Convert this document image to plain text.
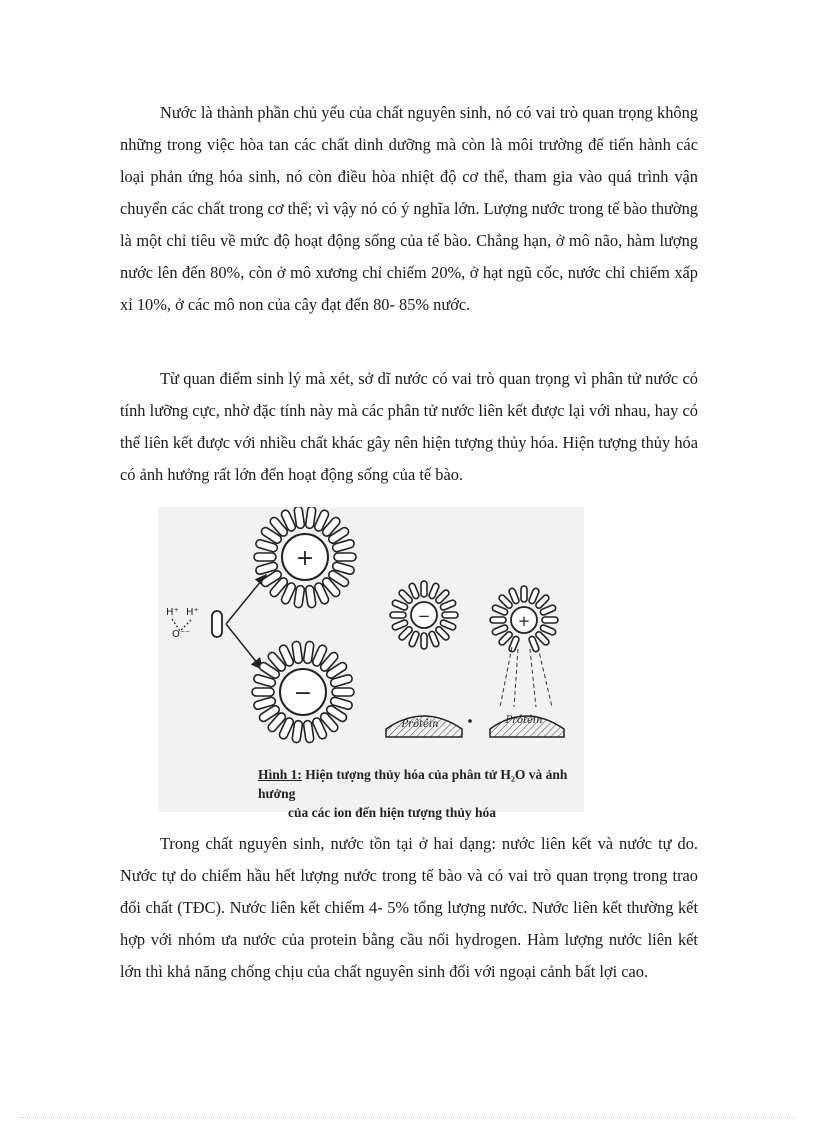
Nước là thành phần chủ yếu của chất nguyên sinh, nó có vai trò quan trọng không những trong việc hòa tan các chất dinh dưỡng mà còn là môi trường để tiến hành các loại phản ứng hóa sinh, nó còn điều hòa nhiệt độ cơ thể, tham gia vào quá trình vận chuyển các chất trong cơ thể; vì vậy nó có ý nghĩa lớn. Lượng nước trong tế bào thường là một chỉ tiêu về mức độ hoạt động sống của tế bào. Chẳng hạn, ở mô não, hàm lượng nước lên đến 80%, còn ở mô xương chỉ chiếm 20%, ở hạt ngũ cốc, nước chỉ chiếm xấp xỉ 10%, ở các mô non của cây đạt đến 80- 85% nước.

Từ quan điểm sinh lý mà xét, sở dĩ nước có vai trò quan trọng vì phân tử nước có tính lưỡng cực, nhờ đặc tính này mà các phân tử nước liên kết được lại với nhau, hay có thể liên kết được với nhiều chất khác gây nên hiện tượng thủy hóa. Hiện tượng thủy hóa có ảnh hưởng rất lớn đến hoạt động sống của tế bào.

H⁺ H⁺
O⁻⁻
+
−
−	+
Prôtêin	Prôtêin
Hình 1: Hiện tượng thủy hóa của phân tử H₂O và ảnh hưởng
của các ion đến hiện tượng thủy hóa

Trong chất nguyên sinh, nước tồn tại ở hai dạng: nước liên kết và nước tự do. Nước tự do chiếm hầu hết lượng nước trong tế bào và có vai trò quan trọng trong trao đổi chất (TĐC). Nước liên kết chiếm 4- 5% tổng lượng nước. Nước liên kết thường kết hợp với nhóm ưa nước của protein bằng cầu nối hydrogen. Hàm lượng nước liên kết lớn thì khả năng chống chịu của chất nguyên sinh đối với ngoại cảnh bất lợi cao.
